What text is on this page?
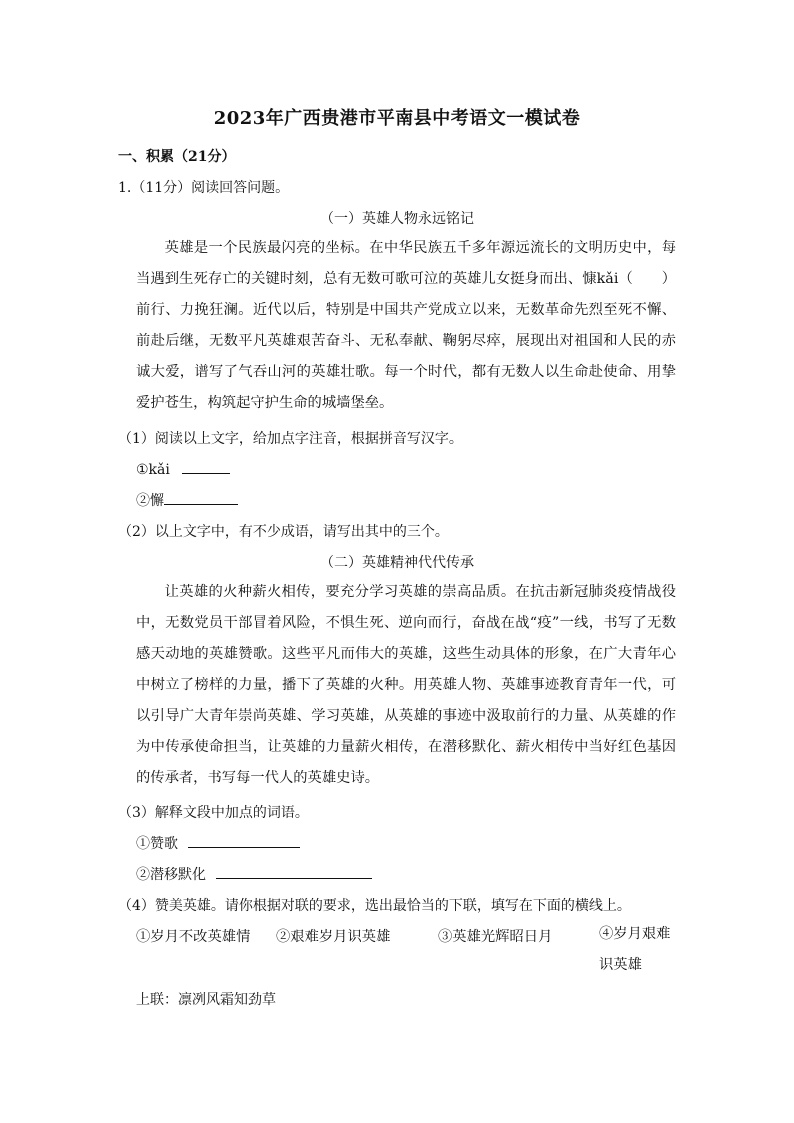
2023年广西贵港市平南县中考语文一模试卷
一、积累（21分）
1.（11分）阅读回答问题。
（一）英雄人物永远铭记

英雄是一个民族最闪亮的坐标。在中华民族五千多年源远流长的文明历史中，每当遇到生死存亡的关键时刻，总有无数可歌可泣的英雄儿女挺身而出、慷kǎi（　　）前行、力挽狂澜。近代以后，特别是中国共产党成立以来，无数革命先烈至死不懈、前赴后继，无数平凡英雄艰苦奋斗、无私奉献、鞠躬尽瘁，展现出对祖国和人民的赤诚大爱，谱写了气吞山河的英雄壮歌。每一个时代，都有无数人以生命赴使命、用挚爱护苍生，构筑起守护生命的城墙堡垒。

（1）阅读以上文字，给加点字注音，根据拼音写汉字。
①kǎi
②懈
（2）以上文字中，有不少成语，请写出其中的三个。
（二）英雄精神代代传承

让英雄的火种薪火相传，要充分学习英雄的崇高品质。在抗击新冠肺炎疫情战役中，无数党员干部冒着风险，不惧生死、逆向而行，奋战在战“疫”一线，书写了无数感天动地的英雄赞歌。这些平凡而伟大的英雄，这些生动具体的形象，在广大青年心中树立了榜样的力量，播下了英雄的火种。用英雄人物、英雄事迹教育青年一代，可以引导广大青年崇尚英雄、学习英雄，从英雄的事迹中汲取前行的力量、从英雄的作为中传承使命担当，让英雄的力量薪火相传，在潜移默化、薪火相传中当好红色基因的传承者，书写每一代人的英雄史诗。

（3）解释文段中加点的词语。
①赞歌
②潜移默化
（4）赞美英雄。请你根据对联的要求，选出最恰当的下联，填写在下面的横线上。
①岁月不改英雄情 ②艰难岁月识英雄	③英雄光辉昭日月	④岁月艰难识英雄
上联：凛冽风霜知劲草
